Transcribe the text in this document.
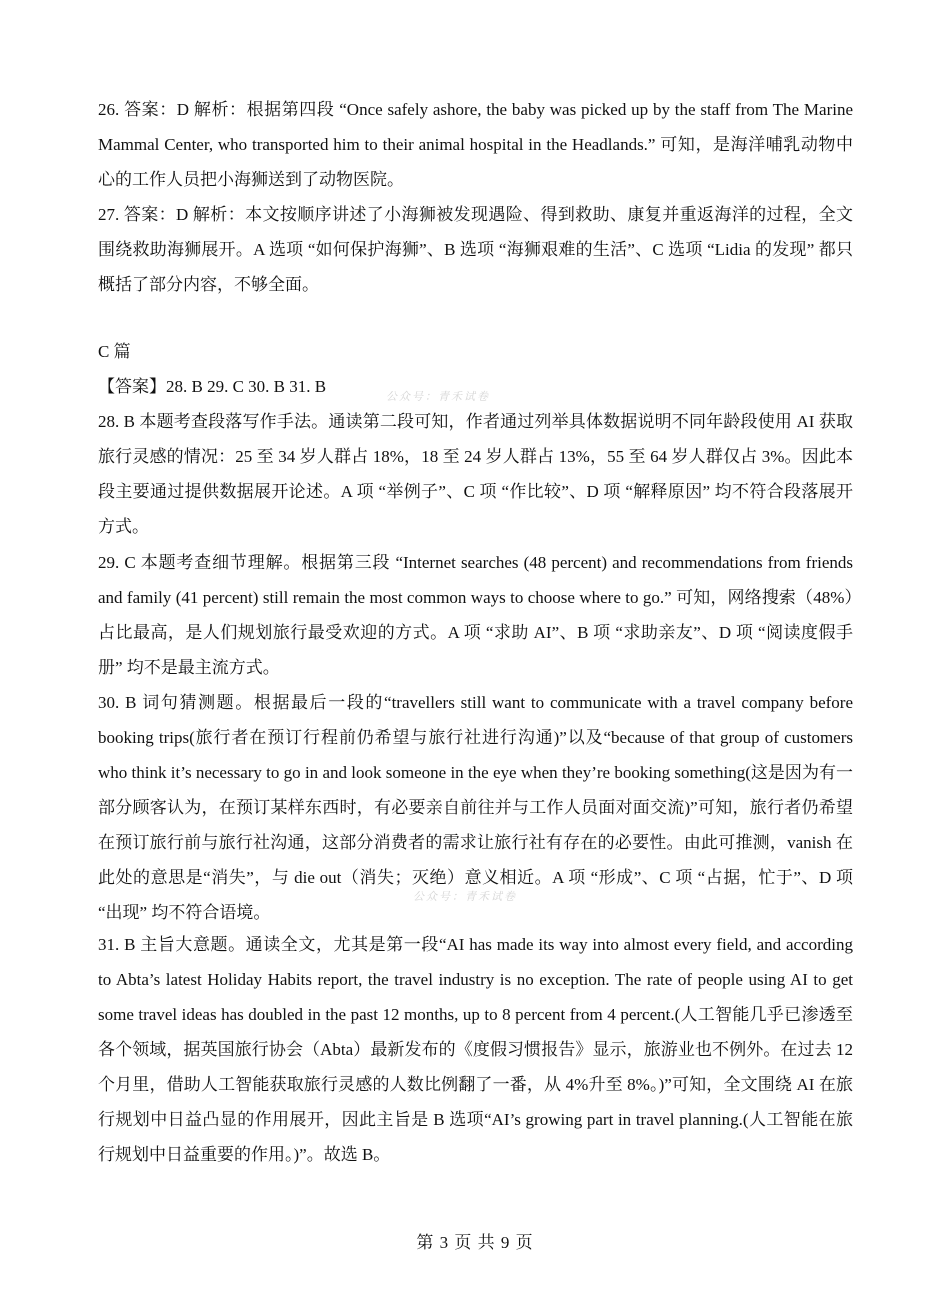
26. 答案：D 解析：根据第四段 “Once safely ashore, the baby was picked up by the staff from The Marine Mammal Center, who transported him to their animal hospital in the Headlands.” 可知，是海洋哺乳动物中心的工作人员把小海狮送到了动物医院。

27. 答案：D 解析：本文按顺序讲述了小海狮被发现遇险、得到救助、康复并重返海洋的过程，全文围绕救助海狮展开。A 选项 “如何保护海狮”、B 选项 “海狮艰难的生活”、C 选项 “Lidia 的发现” 都只概括了部分内容，不够全面。

C 篇

【答案】28. B 29. C 30. B 31. B

28. B 本题考查段落写作手法。通读第二段可知，作者通过列举具体数据说明不同年龄段使用 AI 获取旅行灵感的情况：25 至 34 岁人群占 18%，18 至 24 岁人群占 13%，55 至 64 岁人群仅占 3%。因此本段主要通过提供数据展开论述。A 项 “举例子”、C 项 “作比较”、D 项 “解释原因” 均不符合段落展开方式。

29. C 本题考查细节理解。根据第三段 “Internet searches (48 percent) and recommendations from friends and family (41 percent) still remain the most common ways to choose where to go.” 可知，网络搜索（48%）占比最高，是人们规划旅行最受欢迎的方式。A 项 “求助 AI”、B 项 “求助亲友”、D 项 “阅读度假手册” 均不是最主流方式。

30. B 词句猜测题。根据最后一段的“travellers still want to communicate with a travel company before booking trips(旅行者在预订行程前仍希望与旅行社进行沟通)”以及“because of that group of customers who think it’s necessary to go in and look someone in the eye when they’re booking something(这是因为有一部分顾客认为，在预订某样东西时，有必要亲自前往并与工作人员面对面交流)”可知，旅行者仍希望在预订旅行前与旅行社沟通，这部分消费者的需求让旅行社有存在的必要性。由此可推测，vanish 在此处的意思是“消失”，与 die out（消失；灭绝）意义相近。A 项 “形成”、C 项 “占据，忙于”、D 项 “出现” 均不符合语境。

31. B 主旨大意题。通读全文，尤其是第一段“AI has made its way into almost every field, and according to Abta’s latest Holiday Habits report, the travel industry is no exception. The rate of people using AI to get some travel ideas has doubled in the past 12 months, up to 8 percent from 4 percent.(人工智能几乎已渗透至各个领域，据英国旅行协会（Abta）最新发布的《度假习惯报告》显示，旅游业也不例外。在过去 12 个月里，借助人工智能获取旅行灵感的人数比例翻了一番，从 4%升至 8%。)”可知，全文围绕 AI 在旅行规划中日益凸显的作用展开，因此主旨是 B 选项“AI’s growing part in travel planning.(人工智能在旅行规划中日益重要的作用。)”。故选 B。

公众号：青禾试卷
公众号：青禾试卷
第 3 页 共 9 页
